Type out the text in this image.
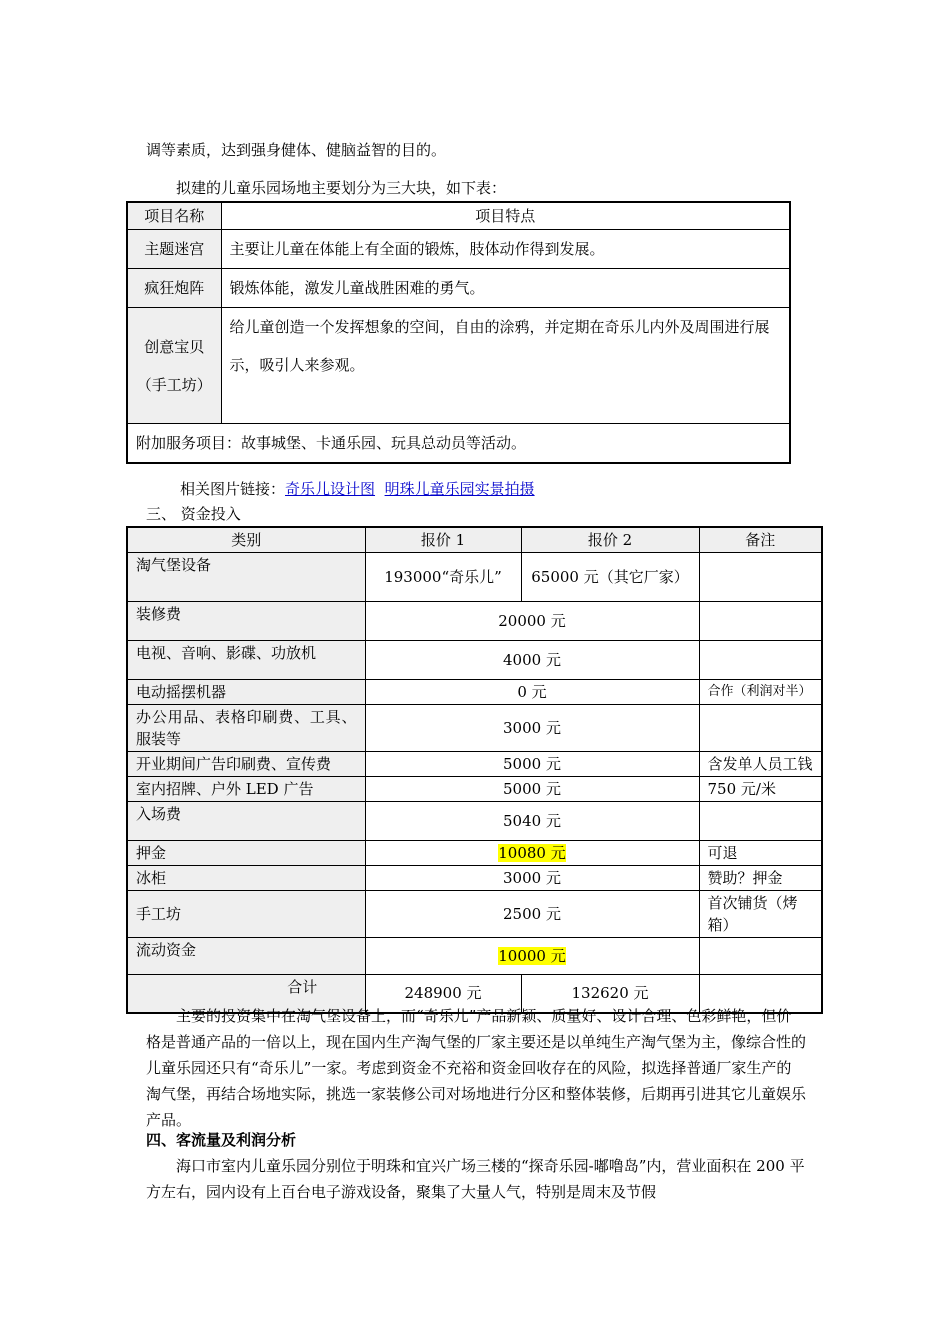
调等素质，达到强身健体、健脑益智的目的。

拟建的儿童乐园场地主要划分为三大块，如下表：

项目名称	项目特点
主题迷宫	主要让儿童在体能上有全面的锻炼，肢体动作得到发展。
疯狂炮阵	锻炼体能，激发儿童战胜困难的勇气。
创意宝贝（手工坊）	给儿童创造一个发挥想象的空间，自由的涂鸦，并定期在奇乐儿内外及周围进行展示，吸引人来参观。
附加服务项目：故事城堡、卡通乐园、玩具总动员等活动。	

相关图片链接：奇乐儿设计图 明珠儿童乐园实景拍摄

三、 资金投入

类别	报价 1	报价 2	备注
淘气堡设备	193000“奇乐儿”	65000 元（其它厂家）	
装修费	20000 元		
电视、音响、影碟、功放机	4000 元		
电动摇摆机器	0 元		合作（利润对半）
办公用品、表格印刷费、工具、服装等	3000 元		
开业期间广告印刷费、宣传费	5000 元		含发单人员工钱
室内招牌、户外 LED 广告	5000 元		750 元/米
入场费	5040 元		
押金	10080 元		可退
冰柜	3000 元		赞助？押金
手工坊	2500 元		首次铺货（烤箱）
流动资金	10000 元		
合计	248900 元	132620 元	

主要的投资集中在淘气堡设备上，而“奇乐儿”产品新颖、质量好、设计合理、色彩鲜艳，但价格是普通产品的一倍以上，现在国内生产淘气堡的厂家主要还是以单纯生产淘气堡为主，像综合性的儿童乐园还只有“奇乐儿”一家。考虑到资金不充裕和资金回收存在的风险，拟选择普通厂家生产的淘气堡，再结合场地实际，挑选一家装修公司对场地进行分区和整体装修，后期再引进其它儿童娱乐产品。

四、客流量及利润分析

海口市室内儿童乐园分别位于明珠和宜兴广场三楼的“探奇乐园-嘟噜岛”内，营业面积在 200 平方左右，园内设有上百台电子游戏设备，聚集了大量人气，特别是周末及节假
